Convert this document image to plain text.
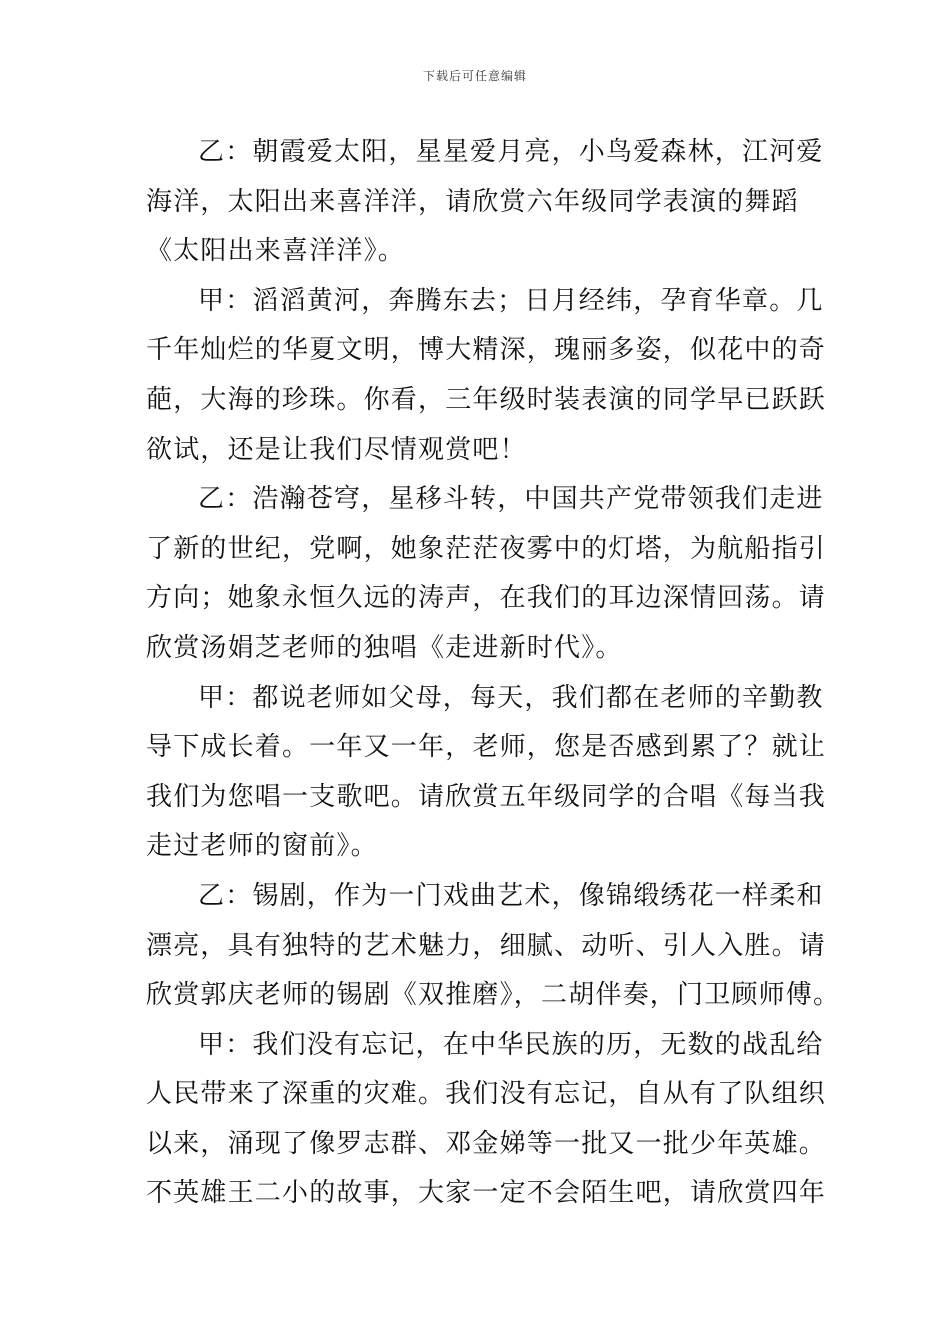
下载后可任意编辑
乙：朝霞爱太阳，星星爱月亮，小鸟爱森林，江河爱
海洋，太阳出来喜洋洋，请欣赏六年级同学表演的舞蹈
《太阳出来喜洋洋》。
甲：滔滔黄河，奔腾东去；日月经纬，孕育华章。几
千年灿烂的华夏文明，博大精深，瑰丽多姿，似花中的奇
葩，大海的珍珠。你看，三年级时装表演的同学早已跃跃
欲试，还是让我们尽情观赏吧！
乙：浩瀚苍穹，星移斗转，中国共产党带领我们走进
了新的世纪，党啊，她象茫茫夜雾中的灯塔，为航船指引
方向；她象永恒久远的涛声，在我们的耳边深情回荡。请
欣赏汤娟芝老师的独唱《走进新时代》。
甲：都说老师如父母，每天，我们都在老师的辛勤教
导下成长着。一年又一年，老师，您是否感到累了？就让
我们为您唱一支歌吧。请欣赏五年级同学的合唱《每当我
走过老师的窗前》。
乙：锡剧，作为一门戏曲艺术，像锦缎绣花一样柔和
漂亮，具有独特的艺术魅力，细腻、动听、引人入胜。请
欣赏郭庆老师的锡剧《双推磨》，二胡伴奏，门卫顾师傅。
甲：我们没有忘记，在中华民族的历，无数的战乱给
人民带来了深重的灾难。我们没有忘记，自从有了队组织
以来，涌现了像罗志群、邓金娣等一批又一批少年英雄。
不英雄王二小的故事，大家一定不会陌生吧，请欣赏四年
